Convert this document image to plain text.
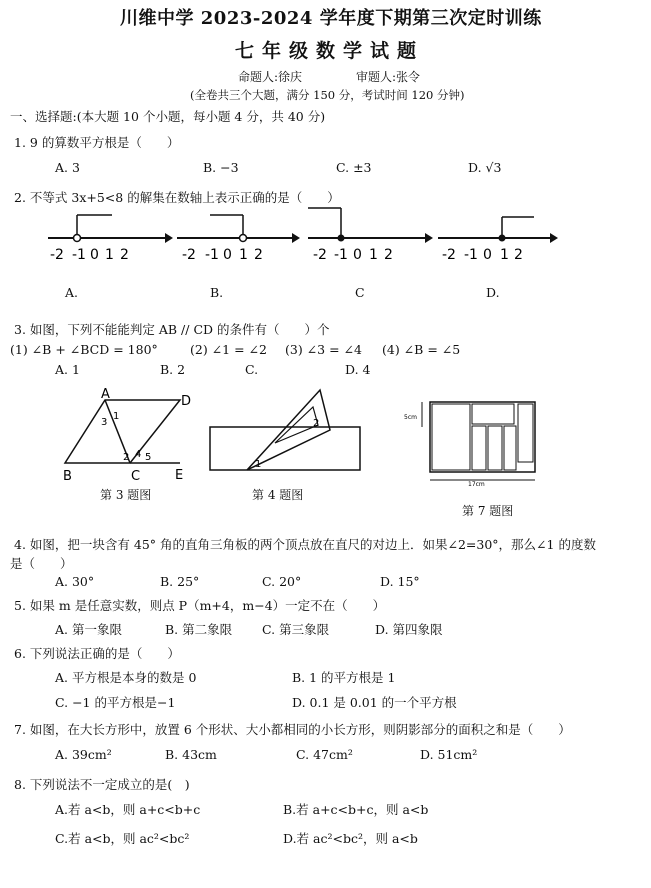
川维中学 2023-2024 学年度下期第三次定时训练
七年级数学试题
命题人:徐庆	审题人:张令
(全卷共三个大题，满分 150 分，考试时间 120 分钟)
一、选择题:(本大题 10 个小题，每小题 4 分，共 40 分)
1. 9 的算数平方根是（　　）
A. 3	B. −3	C. ±3	D. √3
2. 不等式 3x+5<8 的解集在数轴上表示正确的是（　　）
-2 -1 0 1 2	-2 -1 0 1 2	-2 -1 0 1 2	-2 -1 0 1 2
A.	B.	C	D.
3. 如图，下列不能能判定 AB // CD 的条件有（　　）个
(1) ∠B + ∠BCD = 180°	(2) ∠1 = ∠2 (3) ∠3 = ∠4 (4) ∠B = ∠5
A. 1	B. 2	C.	D. 4
A	D
B	C	E
1
2
3
4 5
第 3 题图
1
2
第 4 题图
5cm
17cm
第 7 题图
4. 如图，把一块含有 45° 角的直角三角板的两个顶点放在直尺的对边上．如果∠2=30°，那么∠1 的度数
是（　　）
A. 30°	B. 25°	C. 20°	D. 15°
5. 如果 m 是任意实数，则点 P（m+4，m−4）一定不在（　　）
A. 第一象限	B. 第二象限 C. 第三象限	D. 第四象限
6. 下列说法正确的是（　　）
A. 平方根是本身的数是 0	B. 1 的平方根是 1
C. −1 的平方根是−1	D. 0.1 是 0.01 的一个平方根
7. 如图，在大长方形中，放置 6 个形状、大小都相同的小长方形，则阴影部分的面积之和是（　　）
A. 39cm²	B. 43cm	C. 47cm²	D. 51cm²
8. 下列说法不一定成立的是(　)
A.若 a<b，则 a+c<b+c	B.若 a+c<b+c，则 a<b
C.若 a<b，则 ac²<bc²	D.若 ac²<bc²，则 a<b
